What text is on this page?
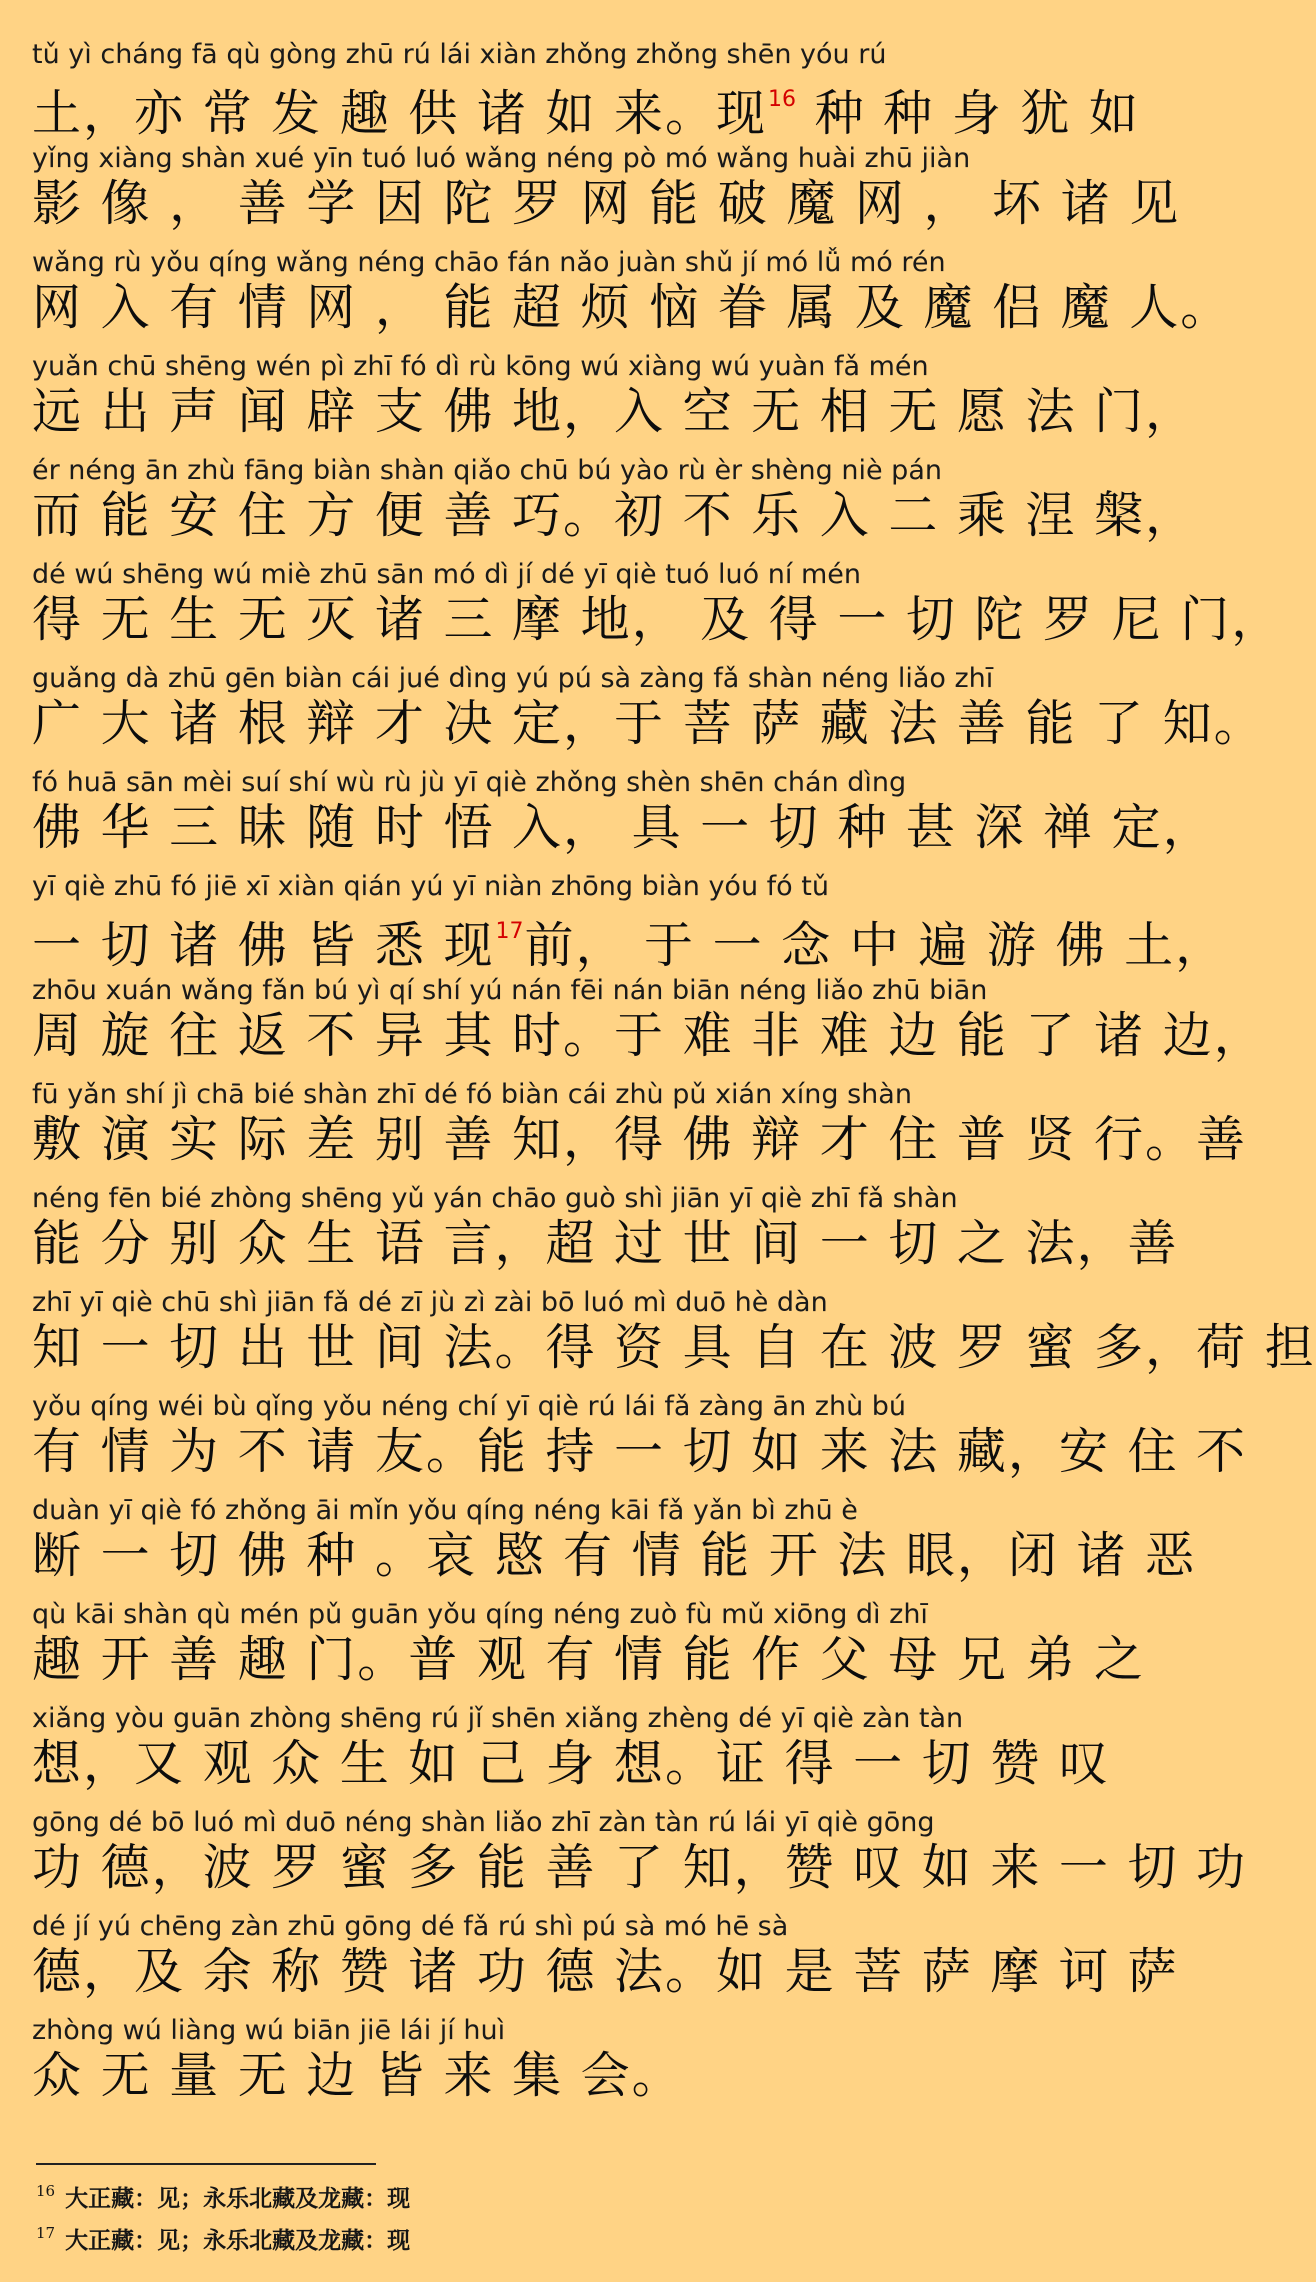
tǔ yì cháng fā qù gòng zhū rú lái xiàn zhǒng zhǒng shēn yóu rú
土，亦 常 发 趣 供 诸 如 来。现$^{16}$ 种 种 身 犹 如
yǐng xiàng shàn xué yīn tuó luó wǎng néng pò mó wǎng huài zhū jiàn
影 像 ， 善 学 因 陀 罗 网 能 破 魔 网 ， 坏 诸 见
wǎng rù yǒu qíng wǎng néng chāo fán nǎo juàn shǔ jí mó lǚ mó rén
网 入 有 情 网 ， 能 超 烦 恼 眷 属 及 魔 侣 魔 人。
yuǎn chū shēng wén pì zhī fó dì rù kōng wú xiàng wú yuàn fǎ mén
远 出 声 闻 辟 支 佛 地，入 空 无 相 无 愿 法 门，
ér néng ān zhù fāng biàn shàn qiǎo chū bú yào rù èr shèng niè pán
而 能 安 住 方 便 善 巧。初 不 乐 入 二 乘 涅 槃，
dé wú shēng wú miè zhū sān mó dì jí dé yī qiè tuó luó ní mén
得 无 生 无 灭 诸 三 摩 地， 及 得 一 切 陀 罗 尼 门，
guǎng dà zhū gēn biàn cái jué dìng yú pú sà zàng fǎ shàn néng liǎo zhī
广 大 诸 根 辩 才 决 定，于 菩 萨 藏 法 善 能 了 知。
fó huā sān mèi suí shí wù rù jù yī qiè zhǒng shèn shēn chán dìng
佛 华 三 昧 随 时 悟 入， 具 一 切 种 甚 深 禅 定，
yī qiè zhū fó jiē xī xiàn qián yú yī niàn zhōng biàn yóu fó tǔ
一 切 诸 佛 皆 悉 现$^{17}$前， 于 一 念 中 遍 游 佛 土，
zhōu xuán wǎng fǎn bú yì qí shí yú nán fēi nán biān néng liǎo zhū biān
周 旋 往 返 不 异 其 时。于 难 非 难 边 能 了 诸 边，
fū yǎn shí jì chā bié shàn zhī dé fó biàn cái zhù pǔ xián xíng shàn
敷 演 实 际 差 别 善 知，得 佛 辩 才 住 普 贤 行。善
néng fēn bié zhòng shēng yǔ yán chāo guò shì jiān yī qiè zhī fǎ shàn
能 分 别 众 生 语 言，超 过 世 间 一 切 之 法，善
zhī yī qiè chū shì jiān fǎ dé zī jù zì zài bō luó mì duō hè dàn
知 一 切 出 世 间 法。得 资 具 自 在 波 罗 蜜 多，荷 担
yǒu qíng wéi bù qǐng yǒu néng chí yī qiè rú lái fǎ zàng ān zhù bú
有 情 为 不 请 友。能 持 一 切 如 来 法 藏，安 住 不
duàn yī qiè fó zhǒng āi mǐn yǒu qíng néng kāi fǎ yǎn bì zhū è
断 一 切 佛 种 。哀 愍 有 情 能 开 法 眼，闭 诸 恶
qù kāi shàn qù mén pǔ guān yǒu qíng néng zuò fù mǔ xiōng dì zhī
趣 开 善 趣 门。普 观 有 情 能 作 父 母 兄 弟 之
xiǎng yòu guān zhòng shēng rú jǐ shēn xiǎng zhèng dé yī qiè zàn tàn
想，又 观 众 生 如 己 身 想。证 得 一 切 赞 叹
gōng dé bō luó mì duō néng shàn liǎo zhī zàn tàn rú lái yī qiè gōng
功 德，波 罗 蜜 多 能 善 了 知，赞 叹 如 来 一 切 功
dé jí yú chēng zàn zhū gōng dé fǎ rú shì pú sà mó hē sà
德，及 余 称 赞 诸 功 德 法。如 是 菩 萨 摩 诃 萨
zhòng wú liàng wú biān jiē lái jí huì
众 无 量 无 边 皆 来 集 会。
$^{16}$ 大正藏：见；永乐北藏及龙藏：现
$^{17}$ 大正藏：见；永乐北藏及龙藏：现
